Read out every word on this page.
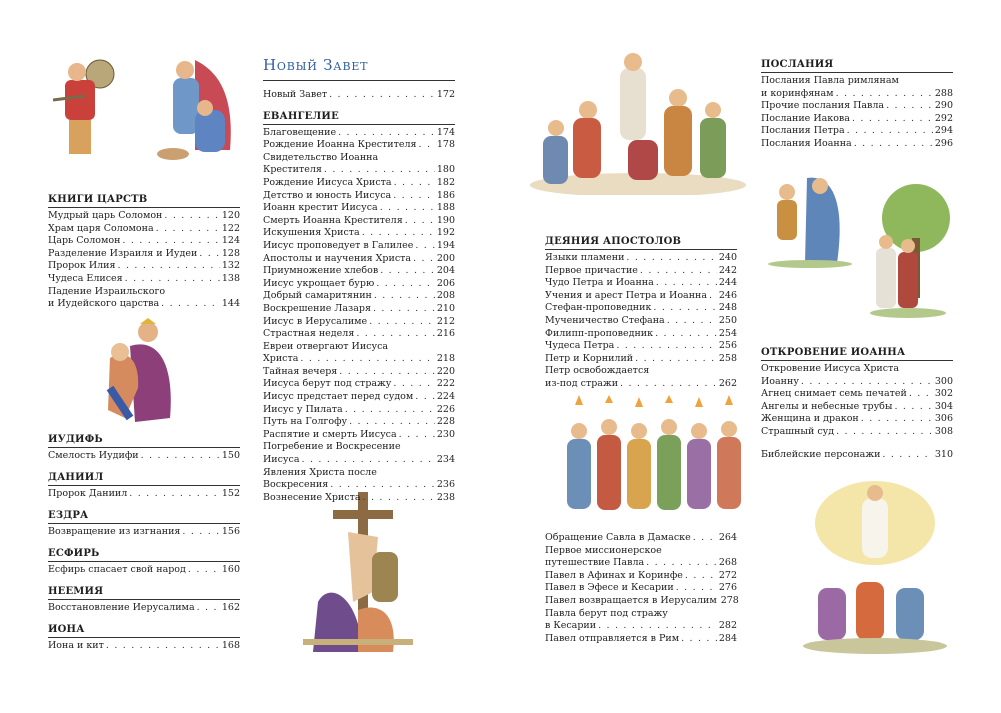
КНИГИ ЦАРСТВ
Мудрый царь Соломон . . .	120
Храм царя Соломона . . .	122
Царь Соломон . . .	124
Разделение Израиля и Иудеи . . .	128
Пророк Илия . . .	132
Чудеса Елисея . . .	138
Падение Израильского
и Иудейского царства . . .	144
ИУДИФЬ
Смелость Иудифи . . .	150
ДАНИИЛ
Пророк Даниил . . .	152
ЕЗДРА
Возвращение из изгнания . . .	156
ЕСФИРЬ
Есфирь спасает свой народ . . .	160
НЕЕМИЯ
Восстановление Иерусалима . . .	162
ИОНА
Иона и кит . . .	168
Новый Завет
Новый Завет . . .	172
ЕВАНГЕЛИЕ
Благовещение . . .	174
Рождение Иоанна Крестителя . . . 178
Свидетельство Иоанна
Крестителя . . .	180
Рождение Иисуса Христа . . .	182
Детство и юность Иисуса . . .	186
Иоанн крестит Иисуса . . .	188
Смерть Иоанна Крестителя . . .	190
Искушения Христа . . .	192
Иисус проповедует в Галилее . . . 194
Апостолы и научения Христа . . .	200
Приумножение хлебов . . .	204
Иисус укрощает бурю . . .	206
Добрый самаритянин . . .	208
Воскрешение Лазаря . . .	210
Иисус в Иерусалиме . . .	212
Страстная неделя . . .	216
Евреи отвергают Иисуса
Христа . . .	218
Тайная вечеря . . .	220
Иисуса берут под стражу . . .	222
Иисус предстает перед судом . . . 224
Иисус у Пилата . . .	226
Путь на Голгофу . . .	228
Распятие и смерть Иисуса . . .	230
Погребение и Воскресение
Иисуса . . .	234
Явления Христа после
Воскресения . . .	236
Вознесение Христа . . .	238
ДЕЯНИЯ АПОСТОЛОВ
Языки пламени . . .	240
Первое причастие . . .	242
Чудо Петра и Иоанна . . .	244
Учения и арест Петра и Иоанна . . . 246
Стефан-проповедник . . .	248
Мученичество Стефана . . .	250
Филипп-проповедник . . .	254
Чудеса Петра . . .	256
Петр и Корнилий . . .	258
Петр освобождается
из-под стражи . . .	262
Обращение Савла в Дамаске . . .	264
Первое миссионерское
путешествие Павла . . .	268
Павел в Афинах и Коринфе . . .	272
Павел в Эфесе и Кесарии . . .	276
Павел возвращается в Иерусалим 278
Павла берут под стражу
в Кесарии . . .	282
Павел отправляется в Рим . . .	284
ПОСЛАНИЯ
Послания Павла римлянам
и коринфянам . . .	288
Прочие послания Павла . . .	290
Послание Иакова . . .	292
Послания Петра . . .	294
Послания Иоанна . . .	296
ОТКРОВЕНИЕ ИОАННА
Откровение Иисуса Христа
Иоанну . . .	300
Агнец снимает семь печатей . . .	302
Ангелы и небесные трубы . . .	304
Женщина и дракон . . .	306
Страшный суд . . .	308
Библейские персонажи . . .	310
